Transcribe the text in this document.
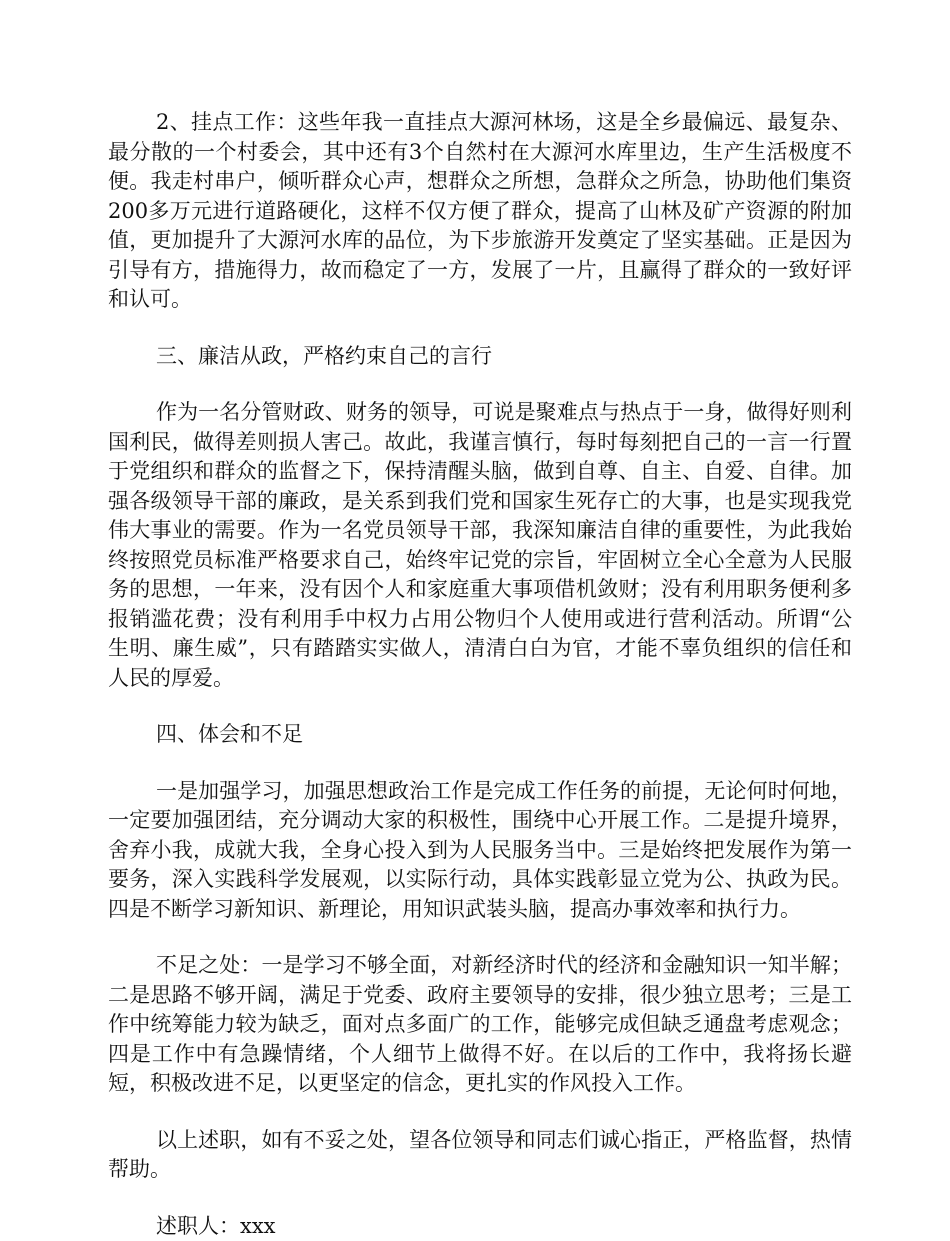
2、挂点工作：这些年我一直挂点大源河林场，这是全乡最偏远、最复杂、最分散的一个村委会，其中还有3个自然村在大源河水库里边，生产生活极度不便。我走村串户，倾听群众心声，想群众之所想，急群众之所急，协助他们集资200多万元进行道路硬化，这样不仅方便了群众，提高了山林及矿产资源的附加值，更加提升了大源河水库的品位，为下步旅游开发奠定了坚实基础。正是因为引导有方，措施得力，故而稳定了一方，发展了一片，且赢得了群众的一致好评和认可。

三、廉洁从政，严格约束自己的言行

作为一名分管财政、财务的领导，可说是聚难点与热点于一身，做得好则利国利民，做得差则损人害己。故此，我谨言慎行，每时每刻把自己的一言一行置于党组织和群众的监督之下，保持清醒头脑，做到自尊、自主、自爱、自律。加强各级领导干部的廉政，是关系到我们党和国家生死存亡的大事，也是实现我党伟大事业的需要。作为一名党员领导干部，我深知廉洁自律的重要性，为此我始终按照党员标准严格要求自己，始终牢记党的宗旨，牢固树立全心全意为人民服务的思想，一年来，没有因个人和家庭重大事项借机敛财；没有利用职务便利多报销滥花费；没有利用手中权力占用公物归个人使用或进行营利活动。所谓“公生明、廉生威”，只有踏踏实实做人，清清白白为官，才能不辜负组织的信任和人民的厚爱。

四、体会和不足

一是加强学习，加强思想政治工作是完成工作任务的前提，无论何时何地，一定要加强团结，充分调动大家的积极性，围绕中心开展工作。二是提升境界，舍弃小我，成就大我，全身心投入到为人民服务当中。三是始终把发展作为第一要务，深入实践科学发展观，以实际行动，具体实践彰显立党为公、执政为民。四是不断学习新知识、新理论，用知识武装头脑，提高办事效率和执行力。

不足之处：一是学习不够全面，对新经济时代的经济和金融知识一知半解；二是思路不够开阔，满足于党委、政府主要领导的安排，很少独立思考；三是工作中统筹能力较为缺乏，面对点多面广的工作，能够完成但缺乏通盘考虑观念；四是工作中有急躁情绪，个人细节上做得不好。在以后的工作中，我将扬长避短，积极改进不足，以更坚定的信念，更扎实的作风投入工作。

以上述职，如有不妥之处，望各位领导和同志们诚心指正，严格监督，热情帮助。

述职人：xxx
